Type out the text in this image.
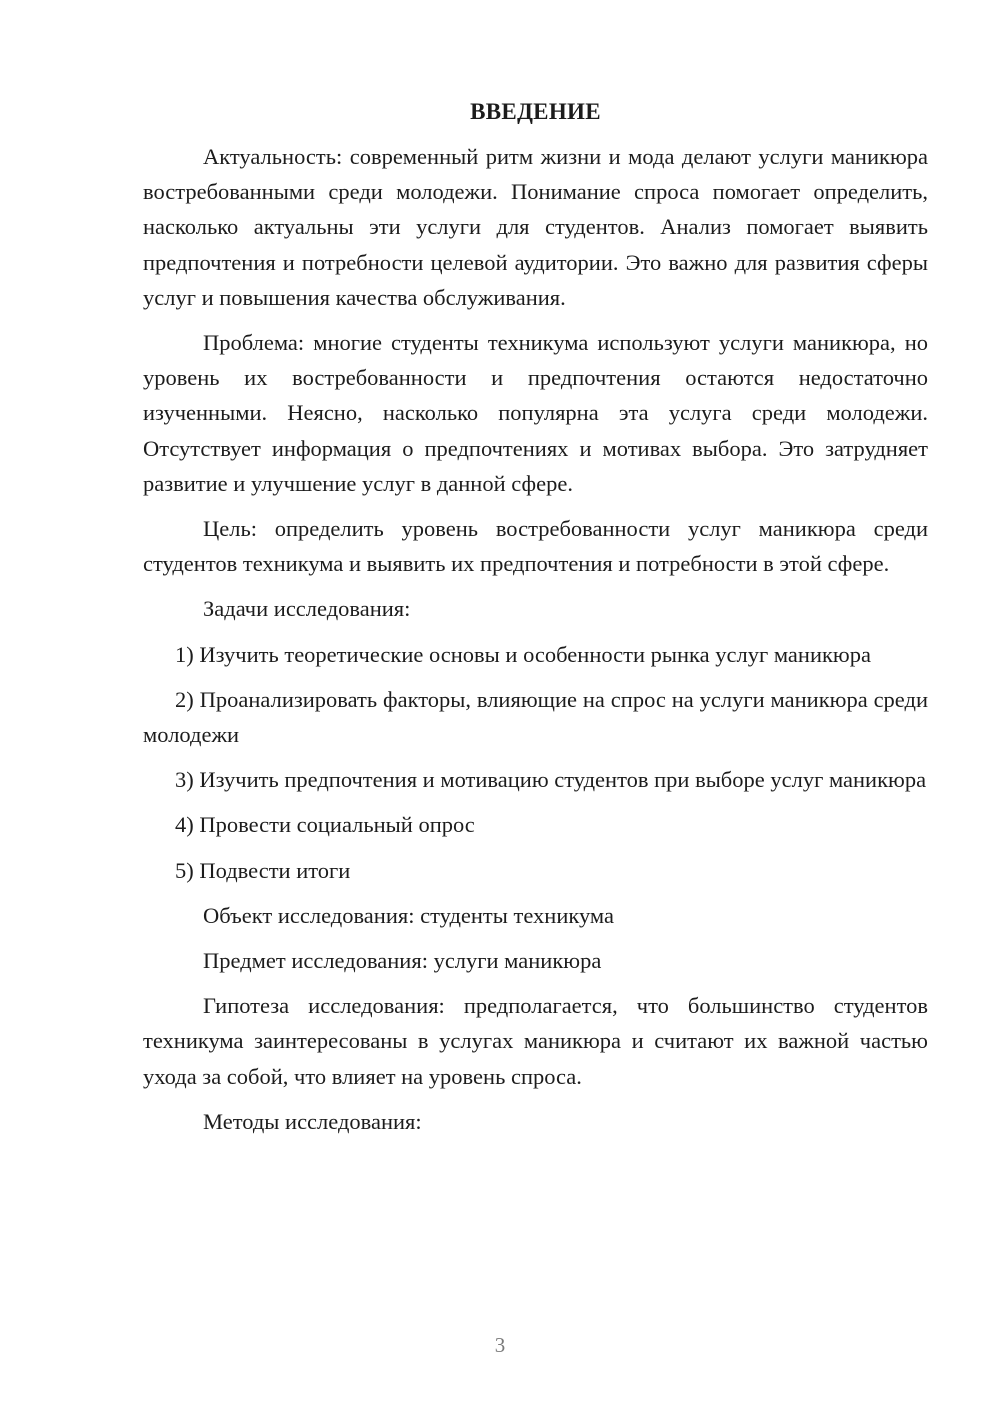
ВВЕДЕНИЕ

Актуальность: современный ритм жизни и мода делают услуги маникюра востребованными среди молодежи. Понимание спроса помогает определить, насколько актуальны эти услуги для студентов. Анализ помогает выявить предпочтения и потребности целевой аудитории. Это важно для развития сферы услуг и повышения качества обслуживания.

Проблема: многие студенты техникума используют услуги маникюра, но уровень их востребованности и предпочтения остаются недостаточно изученными. Неясно, насколько популярна эта услуга среди молодежи. Отсутствует информация о предпочтениях и мотивах выбора. Это затрудняет развитие и улучшение услуг в данной сфере.

Цель: определить уровень востребованности услуг маникюра среди студентов техникума и выявить их предпочтения и потребности в этой сфере.

Задачи исследования:

1) Изучить теоретические основы и особенности рынка услуг маникюра

2) Проанализировать факторы, влияющие на спрос на услуги маникюра среди молодежи

3) Изучить предпочтения и мотивацию студентов при выборе услуг маникюра

4) Провести социальный опрос

5) Подвести итоги

Объект исследования: студенты техникума

Предмет исследования: услуги маникюра

Гипотеза исследования: предполагается, что большинство студентов техникума заинтересованы в услугах маникюра и считают их важной частью ухода за собой, что влияет на уровень спроса.

Методы исследования:

3
